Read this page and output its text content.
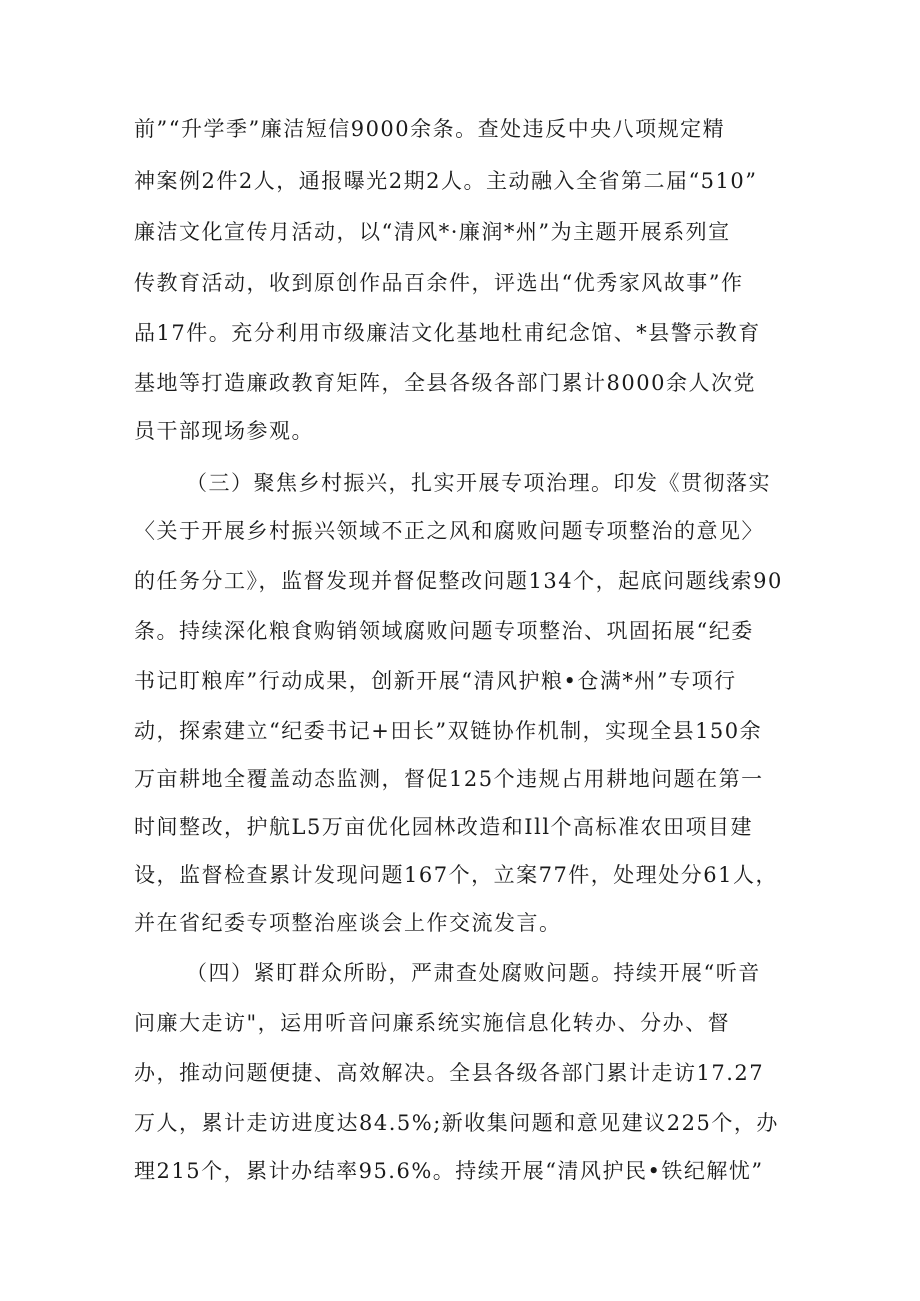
前”“升学季”廉洁短信9000余条。查处违反中央八项规定精
神案例2件2人，通报曝光2期2人。主动融入全省第二届“510”
廉洁文化宣传月活动，以“清风*·廉润*州”为主题开展系列宣
传教育活动，收到原创作品百余件，评选出“优秀家风故事”作
品17件。充分利用市级廉洁文化基地杜甫纪念馆、*县警示教育
基地等打造廉政教育矩阵，全县各级各部门累计8000余人次党
员干部现场参观。
（三）聚焦乡村振兴，扎实开展专项治理。印发《贯彻落实
〈关于开展乡村振兴领域不正之风和腐败问题专项整治的意见〉
的任务分工》，监督发现并督促整改问题134个，起底问题线索90
条。持续深化粮食购销领域腐败问题专项整治、巩固拓展“纪委
书记盯粮库”行动成果，创新开展“清风护粮•仓满*州”专项行
动，探索建立“纪委书记+田长”双链协作机制，实现全县150余
万亩耕地全覆盖动态监测，督促125个违规占用耕地问题在第一
时间整改，护航L5万亩优化园林改造和Ill个高标准农田项目建
设，监督检查累计发现问题167个，立案77件，处理处分61人，
并在省纪委专项整治座谈会上作交流发言。
（四）紧盯群众所盼，严肃查处腐败问题。持续开展“听音
问廉大走访"，运用听音问廉系统实施信息化转办、分办、督
办，推动问题便捷、高效解决。全县各级各部门累计走访17.27
万人，累计走访进度达84.5%;新收集问题和意见建议225个，办
理215个，累计办结率95.6%。持续开展“清风护民•铁纪解忧”
